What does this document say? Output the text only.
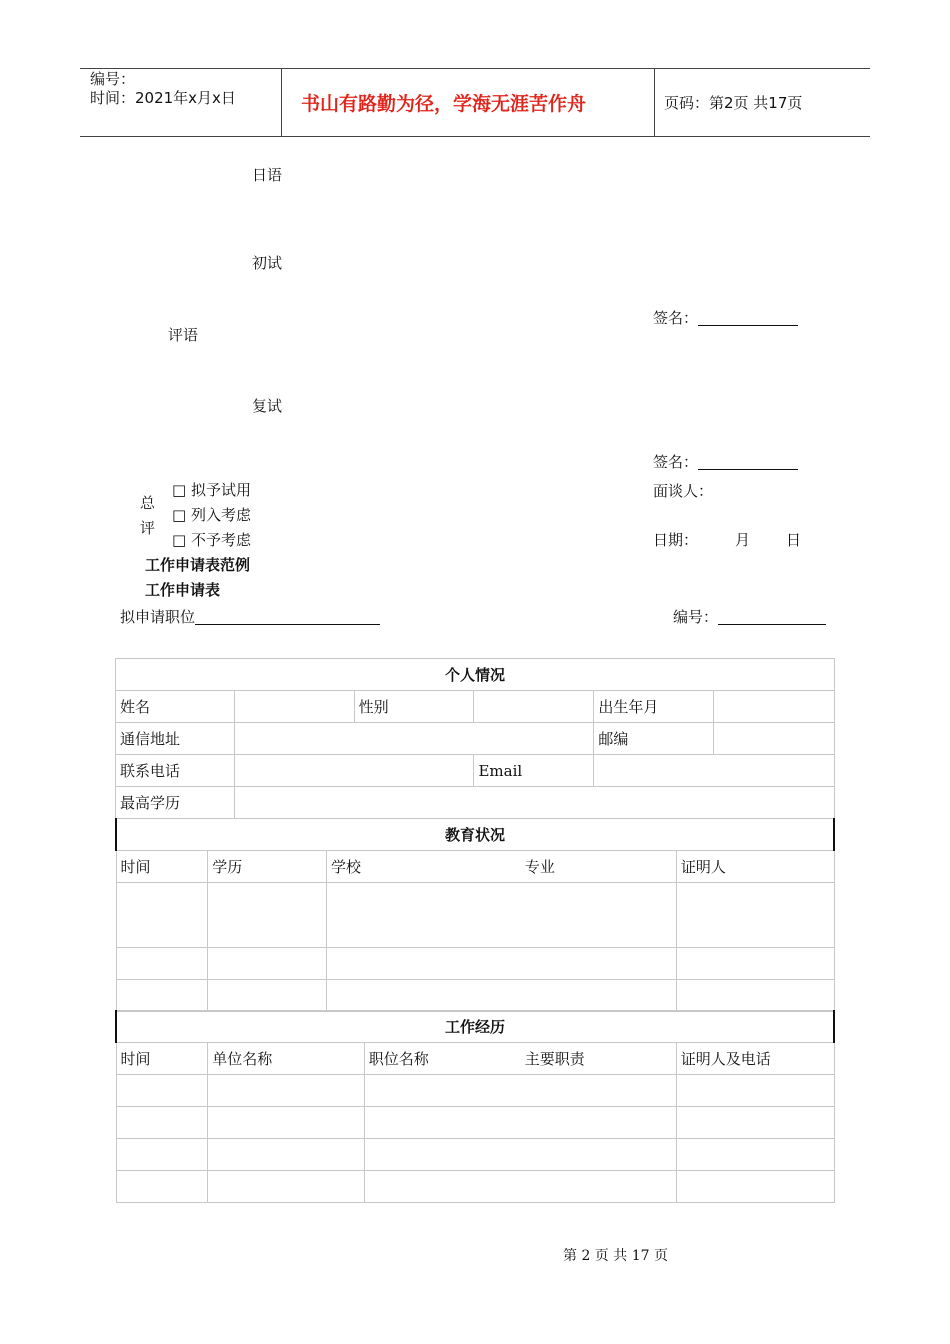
编号：
时间：2021年x月x日	书山有路勤为径，学海无涯苦作舟	页码：第2页 共17页
日语
初试
签名：
评语
复试
签名：
总
评
□ 拟予试用
□ 列入考虑
□ 不予考虑
面谈人：
日期： 月 日
工作申请表范例
工作申请表
拟申请职位	编号：
个人情况					
姓名		性别		出生年月	
通信地址				邮编	
联系电话			Email		
最高学历					
教育状况				
时间	学历	学校	专业	证明人

工作经历				
时间	单位名称	职位名称	主要职责	证明人及电话

第 2 页 共 17 页
